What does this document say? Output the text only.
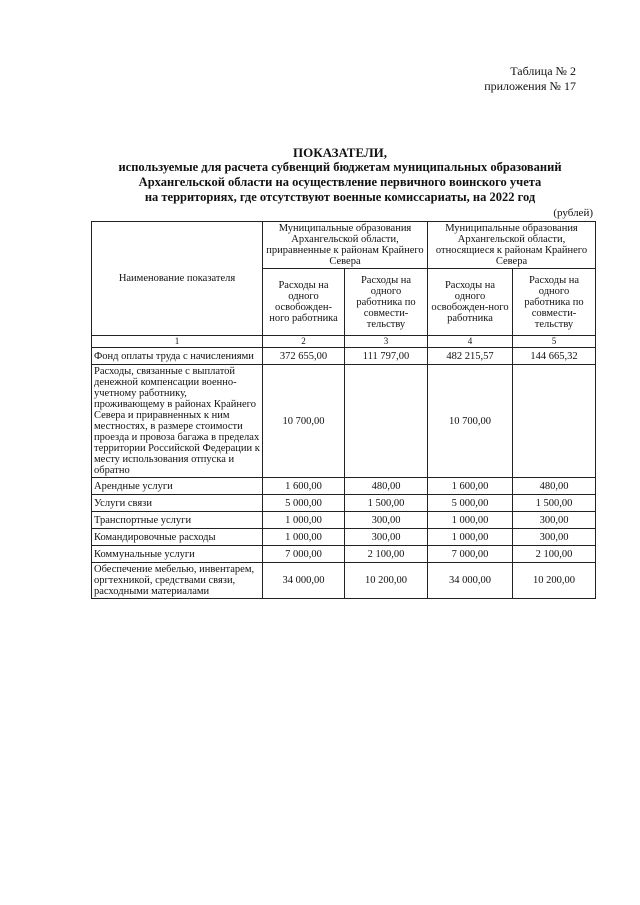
Таблица № 2
приложения № 17
ПОКАЗАТЕЛИ,
используемые для расчета субвенций бюджетам муниципальных образований
Архангельской области на осуществление первичного воинского учета
на территориях, где отсутствуют военные комиссариаты, на 2022 год
(рублей)
Наименование показателя	Муниципальные образования Архангельской области, приравненные к районам Крайнего Севера		Муниципальные образования Архангельской области, относящиеся к районам Крайнего Севера	
	Расходы на одного освобожден-ного работника	Расходы на одного работника по совмести-тельству	Расходы на одного освобожден-ного работника	Расходы на одного работника по совмести-тельству
1	2	3	4	5
Фонд оплаты труда с начислениями	372 655,00	111 797,00	482 215,57	144 665,32
Расходы, связанные с выплатой денежной компенсации военно-учетному работнику, проживающему в районах Крайнего Севера и приравненных к ним местностях, в размере стоимости проезда и провоза багажа в пределах территории Российской Федерации к месту использования отпуска и обратно	10 700,00		10 700,00	
Арендные услуги	1 600,00	480,00	1 600,00	480,00
Услуги связи	5 000,00	1 500,00	5 000,00	1 500,00
Транспортные услуги	1 000,00	300,00	1 000,00	300,00
Командировочные расходы	1 000,00	300,00	1 000,00	300,00
Коммунальные услуги	7 000,00	2 100,00	7 000,00	2 100,00
Обеспечение мебелью, инвентарем, оргтехникой, средствами связи, расходными материалами	34 000,00	10 200,00	34 000,00	10 200,00
